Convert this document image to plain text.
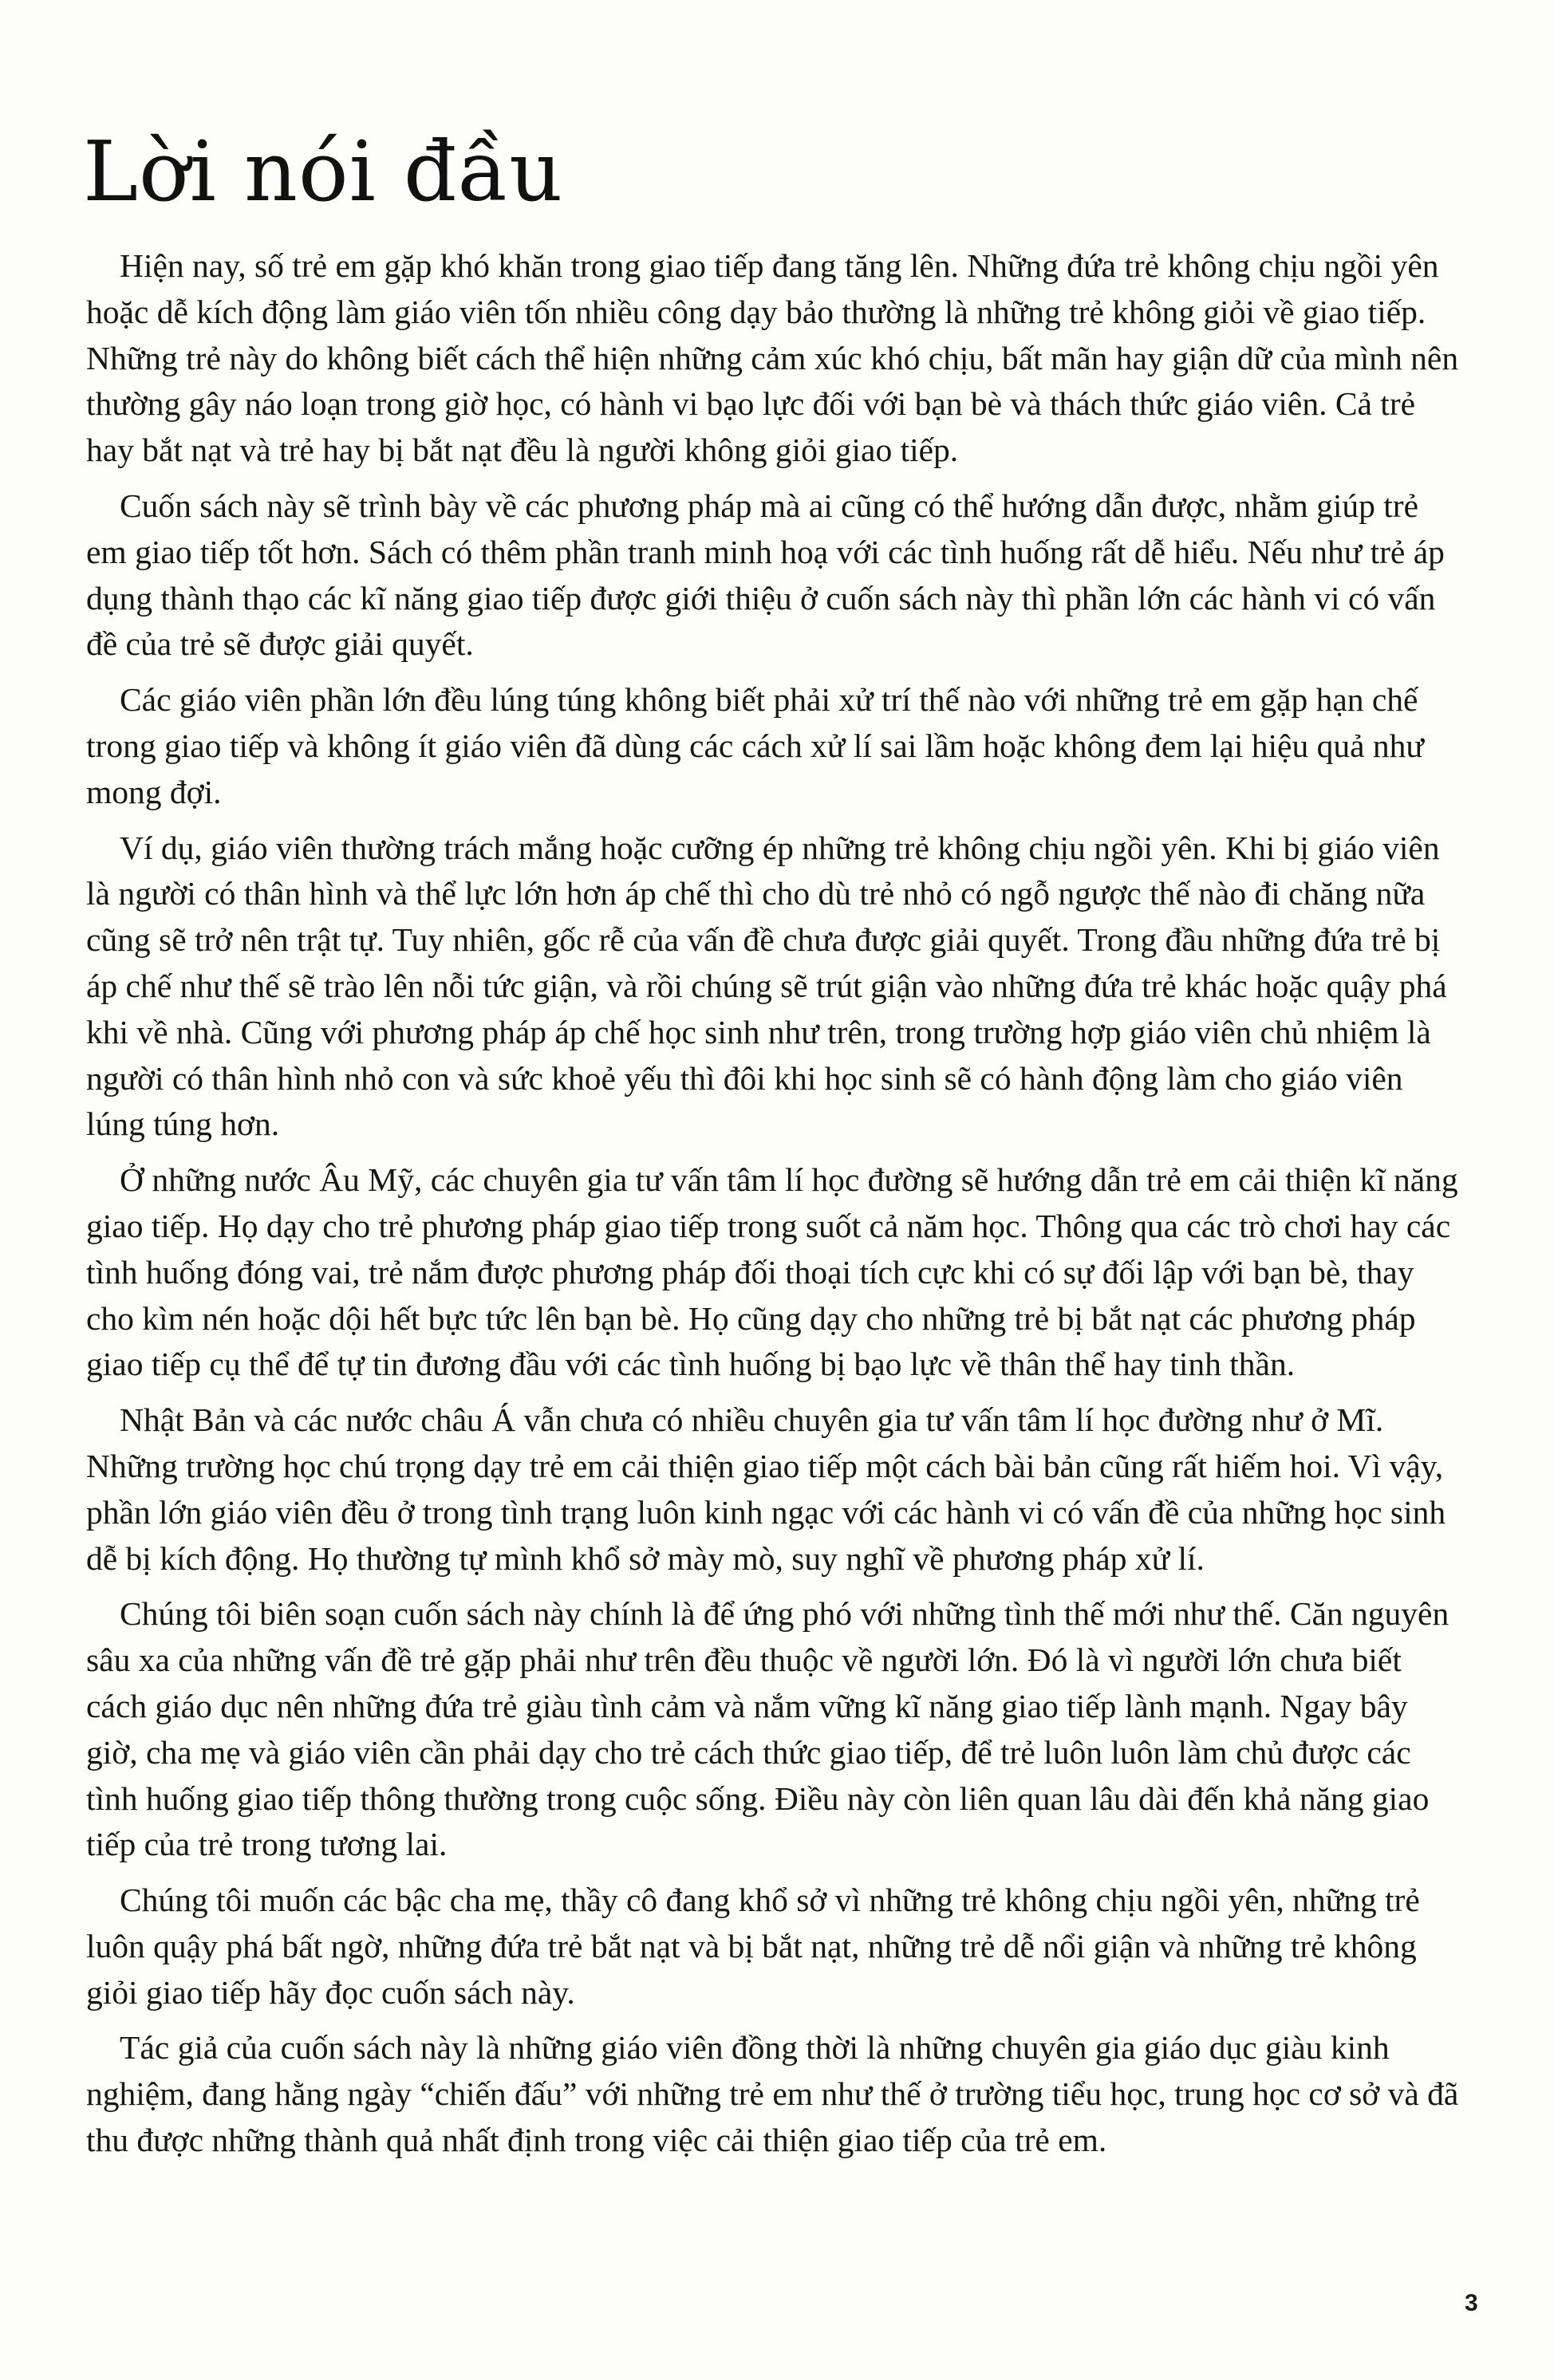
Lời nói đầu

Hiện nay, số trẻ em gặp khó khăn trong giao tiếp đang tăng lên. Những đứa trẻ không chịu ngồi yên hoặc dễ kích động làm giáo viên tốn nhiều công dạy bảo thường là những trẻ không giỏi về giao tiếp. Những trẻ này do không biết cách thể hiện những cảm xúc khó chịu, bất mãn hay giận dữ của mình nên thường gây náo loạn trong giờ học, có hành vi bạo lực đối với bạn bè và thách thức giáo viên. Cả trẻ hay bắt nạt và trẻ hay bị bắt nạt đều là người không giỏi giao tiếp.

Cuốn sách này sẽ trình bày về các phương pháp mà ai cũng có thể hướng dẫn được, nhằm giúp trẻ em giao tiếp tốt hơn. Sách có thêm phần tranh minh hoạ với các tình huống rất dễ hiểu. Nếu như trẻ áp dụng thành thạo các kĩ năng giao tiếp được giới thiệu ở cuốn sách này thì phần lớn các hành vi có vấn đề của trẻ sẽ được giải quyết.

Các giáo viên phần lớn đều lúng túng không biết phải xử trí thế nào với những trẻ em gặp hạn chế trong giao tiếp và không ít giáo viên đã dùng các cách xử lí sai lầm hoặc không đem lại hiệu quả như mong đợi.

Ví dụ, giáo viên thường trách mắng hoặc cưỡng ép những trẻ không chịu ngồi yên. Khi bị giáo viên là người có thân hình và thể lực lớn hơn áp chế thì cho dù trẻ nhỏ có ngỗ ngược thế nào đi chăng nữa cũng sẽ trở nên trật tự. Tuy nhiên, gốc rễ của vấn đề chưa được giải quyết. Trong đầu những đứa trẻ bị áp chế như thế sẽ trào lên nỗi tức giận, và rồi chúng sẽ trút giận vào những đứa trẻ khác hoặc quậy phá khi về nhà. Cũng với phương pháp áp chế học sinh như trên, trong trường hợp giáo viên chủ nhiệm là người có thân hình nhỏ con và sức khoẻ yếu thì đôi khi học sinh sẽ có hành động làm cho giáo viên lúng túng hơn.

Ở những nước Âu Mỹ, các chuyên gia tư vấn tâm lí học đường sẽ hướng dẫn trẻ em cải thiện kĩ năng giao tiếp. Họ dạy cho trẻ phương pháp giao tiếp trong suốt cả năm học. Thông qua các trò chơi hay các tình huống đóng vai, trẻ nắm được phương pháp đối thoại tích cực khi có sự đối lập với bạn bè, thay cho kìm nén hoặc dội hết bực tức lên bạn bè. Họ cũng dạy cho những trẻ bị bắt nạt các phương pháp giao tiếp cụ thể để tự tin đương đầu với các tình huống bị bạo lực về thân thể hay tinh thần.

Nhật Bản và các nước châu Á vẫn chưa có nhiều chuyên gia tư vấn tâm lí học đường như ở Mĩ. Những trường học chú trọng dạy trẻ em cải thiện giao tiếp một cách bài bản cũng rất hiếm hoi. Vì vậy, phần lớn giáo viên đều ở trong tình trạng luôn kinh ngạc với các hành vi có vấn đề của những học sinh dễ bị kích động. Họ thường tự mình khổ sở mày mò, suy nghĩ về phương pháp xử lí.

Chúng tôi biên soạn cuốn sách này chính là để ứng phó với những tình thế mới như thế. Căn nguyên sâu xa của những vấn đề trẻ gặp phải như trên đều thuộc về người lớn. Đó là vì người lớn chưa biết cách giáo dục nên những đứa trẻ giàu tình cảm và nắm vững kĩ năng giao tiếp lành mạnh. Ngay bây giờ, cha mẹ và giáo viên cần phải dạy cho trẻ cách thức giao tiếp, để trẻ luôn luôn làm chủ được các tình huống giao tiếp thông thường trong cuộc sống. Điều này còn liên quan lâu dài đến khả năng giao tiếp của trẻ trong tương lai.

Chúng tôi muốn các bậc cha mẹ, thầy cô đang khổ sở vì những trẻ không chịu ngồi yên, những trẻ luôn quậy phá bất ngờ, những đứa trẻ bắt nạt và bị bắt nạt, những trẻ dễ nổi giận và những trẻ không giỏi giao tiếp hãy đọc cuốn sách này.

Tác giả của cuốn sách này là những giáo viên đồng thời là những chuyên gia giáo dục giàu kinh nghiệm, đang hằng ngày “chiến đấu” với những trẻ em như thế ở trường tiểu học, trung học cơ sở và đã thu được những thành quả nhất định trong việc cải thiện giao tiếp của trẻ em.

3
